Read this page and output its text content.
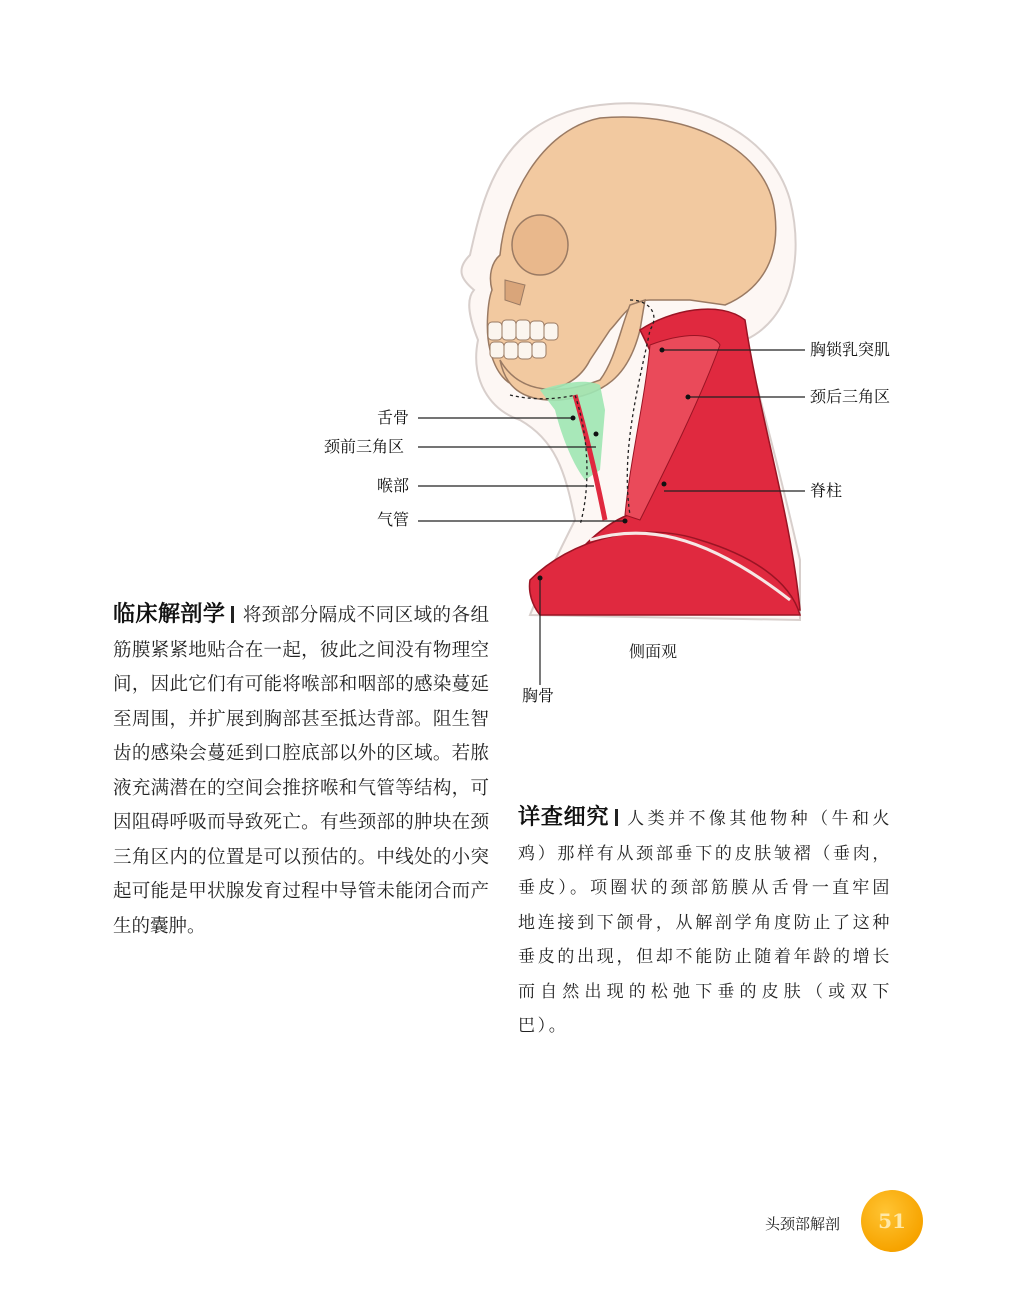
胸锁乳突肌
颈后三角区
舌骨
颈前三角区
喉部	脊柱
气管
胸骨
侧面观
临床解剖学 将颈部分隔成不同区域的各组筋膜紧紧地贴合在一起，彼此之间没有物理空间，因此它们有可能将喉部和咽部的感染蔓延至周围，并扩展到胸部甚至抵达背部。阻生智齿的感染会蔓延到口腔底部以外的区域。若脓液充满潜在的空间会推挤喉和气管等结构，可因阻碍呼吸而导致死亡。有些颈部的肿块在颈三角区内的位置是可以预估的。中线处的小突起可能是甲状腺发育过程中导管未能闭合而产生的囊肿。
详查细究 人类并不像其他物种（牛和火鸡）那样有从颈部垂下的皮肤皱褶（垂肉，垂皮）。项圈状的颈部筋膜从舌骨一直牢固地连接到下颌骨，从解剖学角度防止了这种垂皮的出现，但却不能防止随着年龄的增长而自然出现的松弛下垂的皮肤（或双下巴）。
头颈部解剖 51
